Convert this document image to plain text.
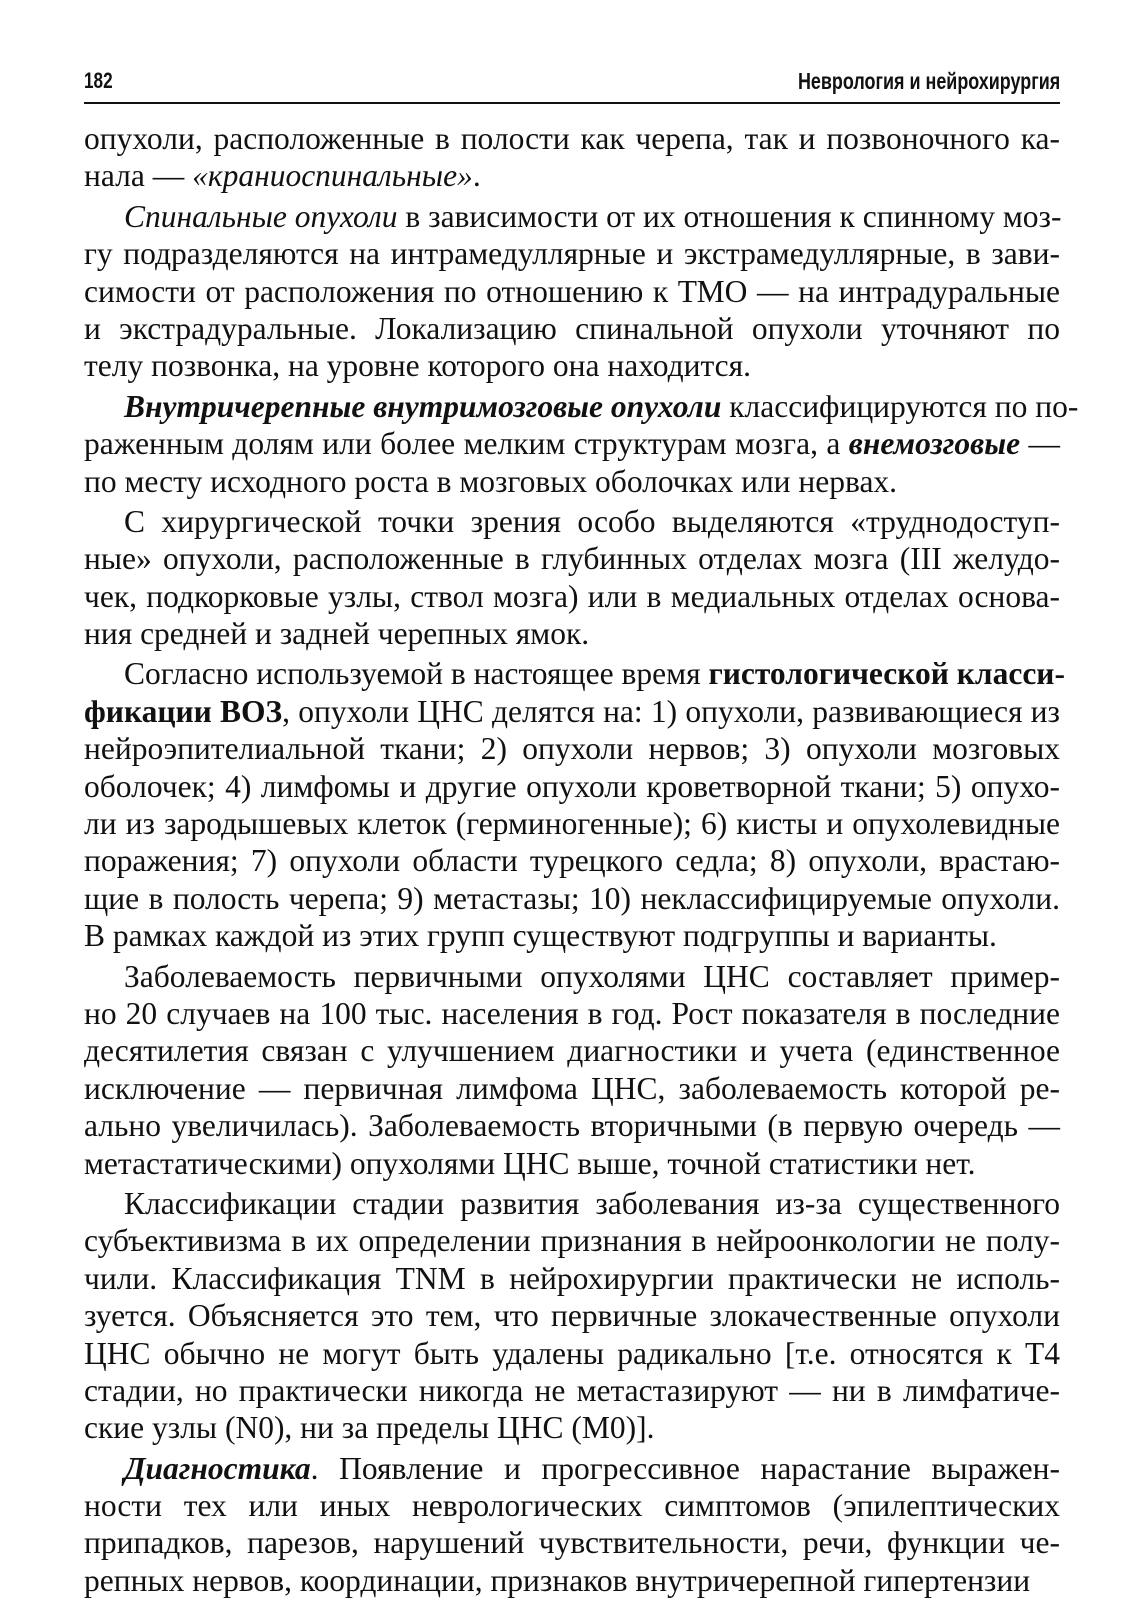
182	Неврология и нейрохирургия
опухоли, расположенные в полости как черепа, так и позвоночного ка-
нала — «краниоспинальные».
Спинальные опухоли в зависимости от их отношения к спинному моз-
гу подразделяются на интрамедуллярные и экстрамедуллярные, в зави-
симости от расположения по отношению к ТМО — на интрадуральные
и экстрадуральные. Локализацию спинальной опухоли уточняют по
телу позвонка, на уровне которого она находится.
Внутричерепные внутримозговые опухоли классифицируются по по-
раженным долям или более мелким структурам мозга, а внемозговые —
по месту исходного роста в мозговых оболочках или нервах.
С хирургической точки зрения особо выделяются «труднодоступ-
ные» опухоли, расположенные в глубинных отделах мозга (III желудо-
чек, подкорковые узлы, ствол мозга) или в медиальных отделах основа-
ния средней и задней черепных ямок.
Согласно используемой в настоящее время гистологической класси-
фикации ВОЗ, опухоли ЦНС делятся на: 1) опухоли, развивающиеся из
нейроэпителиальной ткани; 2) опухоли нервов; 3) опухоли мозговых
оболочек; 4) лимфомы и другие опухоли кроветворной ткани; 5) опухо-
ли из зародышевых клеток (герминогенные); 6) кисты и опухолевидные
поражения; 7) опухоли области турецкого седла; 8) опухоли, врастаю-
щие в полость черепа; 9) метастазы; 10) неклассифицируемые опухоли.
В рамках каждой из этих групп существуют подгруппы и варианты.
Заболеваемость первичными опухолями ЦНС составляет пример-
но 20 случаев на 100 тыс. населения в год. Рост показателя в последние
десятилетия связан с улучшением диагностики и учета (единственное
исключение — первичная лимфома ЦНС, заболеваемость которой ре-
ально увеличилась). Заболеваемость вторичными (в первую очередь —
метастатическими) опухолями ЦНС выше, точной статистики нет.
Классификации стадии развития заболевания из-за существенного
субъективизма в их определении признания в нейроонкологии не полу-
чили. Классификация TNM в нейрохирургии практически не исполь-
зуется. Объясняется это тем, что первичные злокачественные опухоли
ЦНС обычно не могут быть удалены радикально [т.е. относятся к Т4
стадии, но практически никогда не метастазируют — ни в лимфатиче-
ские узлы (N0), ни за пределы ЦНС (M0)].
Диагностика. Появление и прогрессивное нарастание выражен-
ности тех или иных неврологических симптомов (эпилептических
припадков, парезов, нарушений чувствительности, речи, функции че-
репных нервов, координации, признаков внутричерепной гипертензии
